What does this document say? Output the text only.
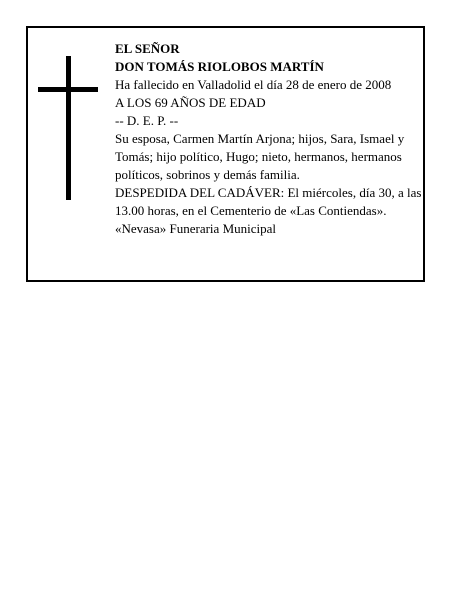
EL SEÑOR

DON TOMÁS RIOLOBOS MARTÍN

Ha fallecido en Valladolid el día 28 de enero de 2008

A LOS 69 AÑOS DE EDAD

-- D. E. P. --

Su esposa, Carmen Martín Arjona; hijos, Sara, Ismael y Tomás; hijo político, Hugo; nieto, hermanos, hermanos políticos, sobrinos y demás familia.

DESPEDIDA DEL CADÁVER: El miércoles, día 30, a las 13.00 horas, en el Cementerio de «Las Contiendas».

«Nevasa» Funeraria Municipal
